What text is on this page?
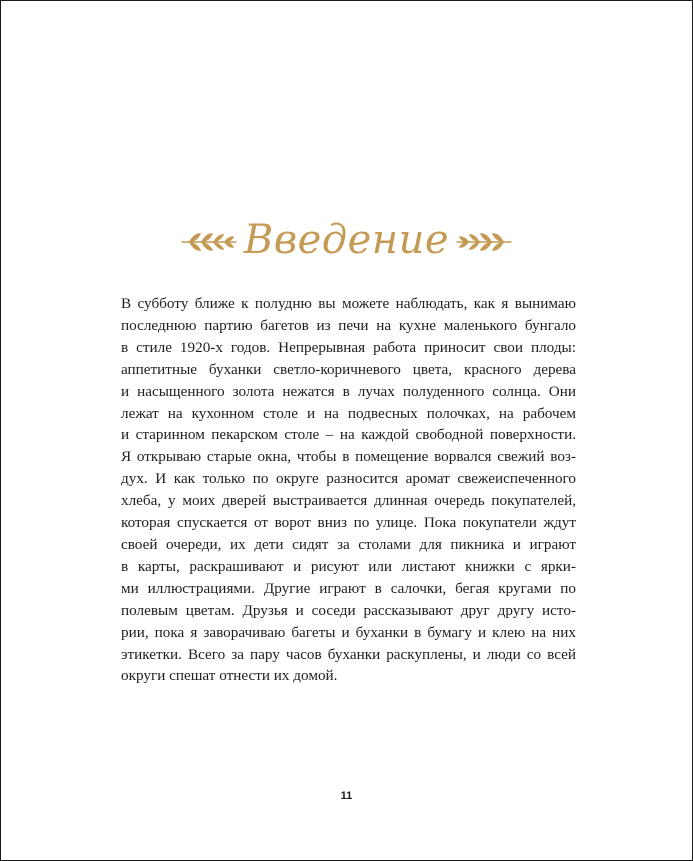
Введение
В субботу ближе к полудню вы можете наблюдать, как я вынимаю
последнюю партию багетов из печи на кухне маленького бунгало
в стиле 1920-х годов. Непрерывная работа приносит свои плоды:
аппетитные буханки светло-коричневого цвета, красного дерева
и насыщенного золота нежатся в лучах полуденного солнца. Они
лежат на кухонном столе и на подвесных полочках, на рабочем
и старинном пекарском столе – на каждой свободной поверхности.
Я открываю старые окна, чтобы в помещение ворвался свежий воз-
дух. И как только по округе разносится аромат свежеиспеченного
хлеба, у моих дверей выстраивается длинная очередь покупателей,
которая спускается от ворот вниз по улице. Пока покупатели ждут
своей очереди, их дети сидят за столами для пикника и играют
в карты, раскрашивают и рисуют или листают книжки с ярки-
ми иллюстрациями. Другие играют в салочки, бегая кругами по
полевым цветам. Друзья и соседи рассказывают друг другу исто-
рии, пока я заворачиваю багеты и буханки в бумагу и клею на них
этикетки. Всего за пару часов буханки раскуплены, и люди со всей
округи спешат отнести их домой.
11
